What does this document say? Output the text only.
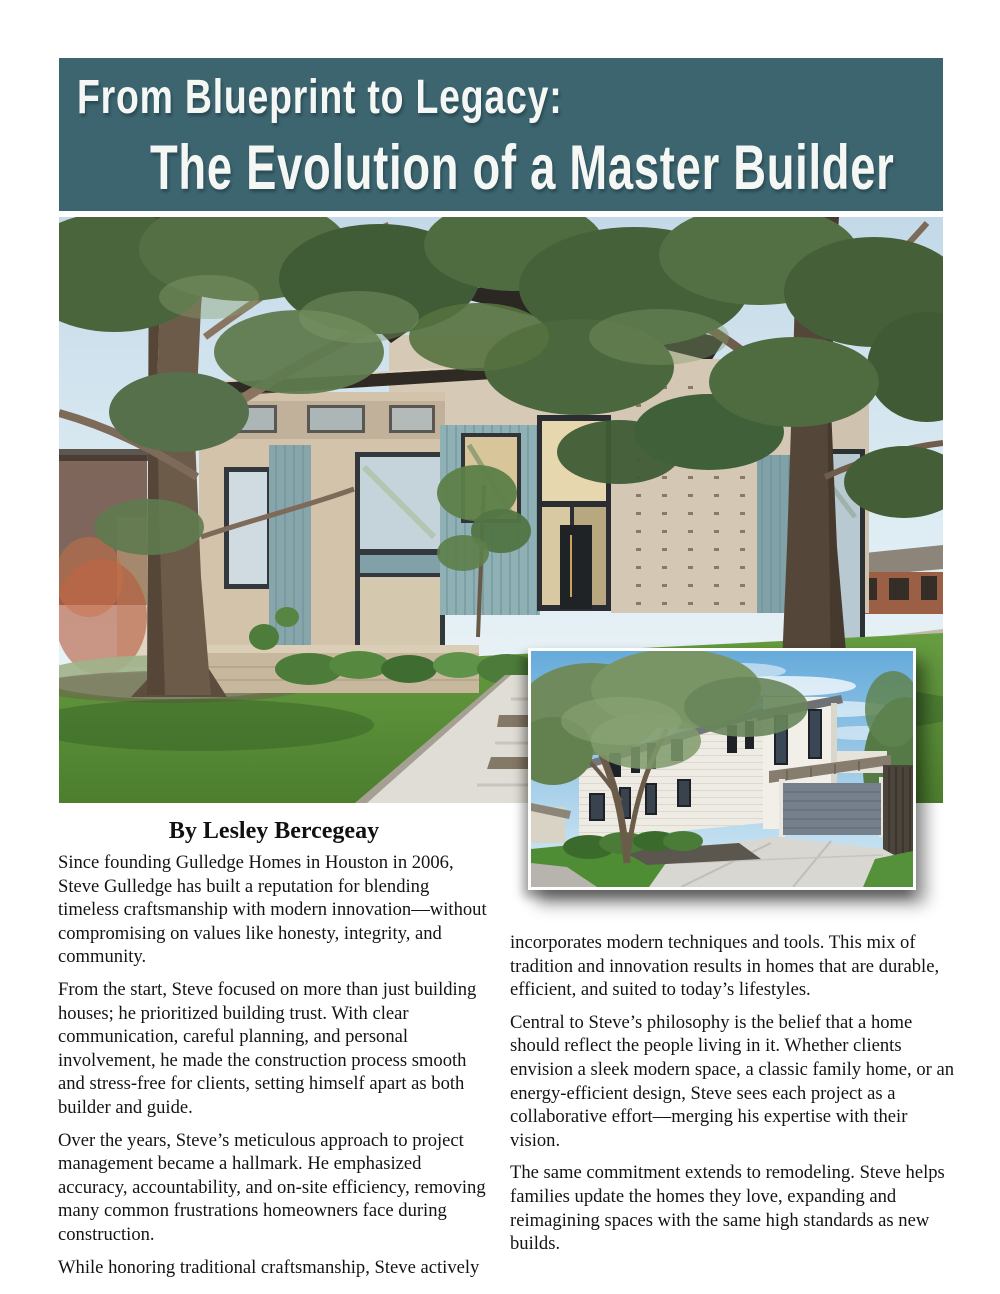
From Blueprint to Legacy:
The Evolution of a Master Builder
By Lesley Bercegeay

Since founding Gulledge Homes in Houston in 2006, Steve Gulledge has built a reputation for blending timeless craftsmanship with modern innovation—without compromising on values like honesty, integrity, and community.

From the start, Steve focused on more than just building houses; he prioritized building trust. With clear communication, careful planning, and personal involvement, he made the construction process smooth and stress-free for clients, setting himself apart as both builder and guide.

Over the years, Steve’s meticulous approach to project management became a hallmark. He emphasized accuracy, accountability, and on-site efficiency, removing many common frustrations homeowners face during construction.

While honoring traditional craftsmanship, Steve actively

incorporates modern techniques and tools. This mix of tradition and innovation results in homes that are durable, efficient, and suited to today’s lifestyles.

Central to Steve’s philosophy is the belief that a home should reflect the people living in it. Whether clients envision a sleek modern space, a classic family home, or an energy-efficient design, Steve sees each project as a collaborative effort—merging his expertise with their vision.

The same commitment extends to remodeling. Steve helps families update the homes they love, expanding and reimagining spaces with the same high standards as new builds.
